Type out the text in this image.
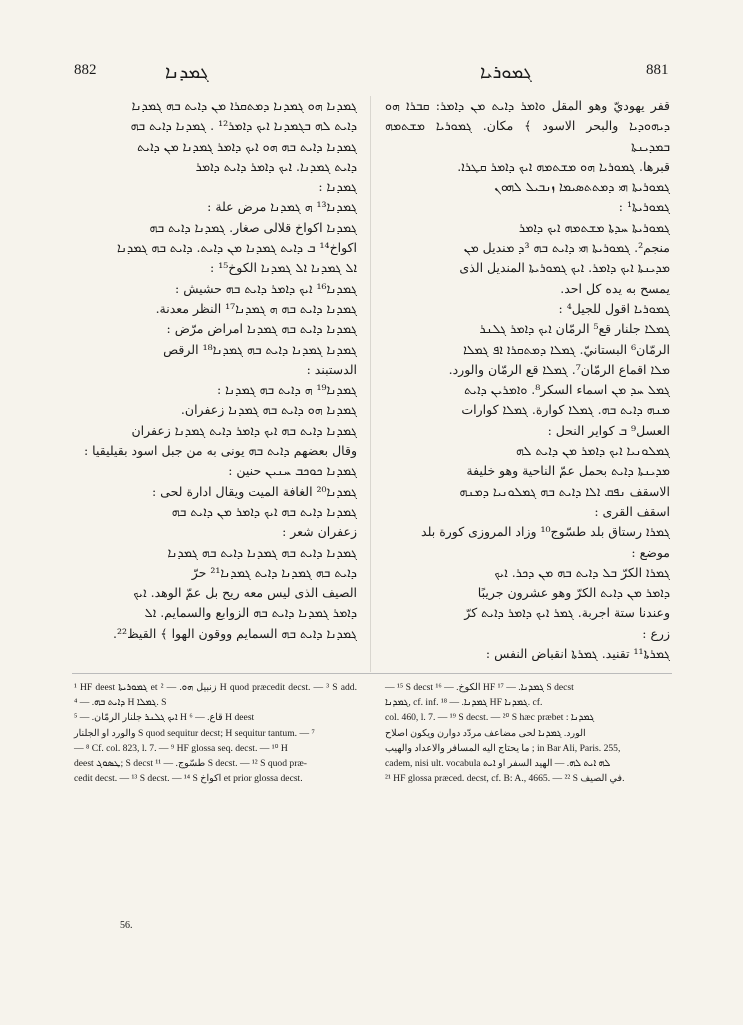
882	ܓܡܕܢܐ	ܓܡܘܪܝܐ	881

ܓܡܕܢܐ ܗܘ ܓܡܕܢܐ ܕܡܬܩܪܐ ܡܢ ܕܐܝܬ ܒܗ ܓܡܕܢܐ

ܕܐܝܬ ܠܗ ܒܓܡܕܢܐ ܐܝܟ ܕܐܡܪ¹² . ܓܡܕܢܐ ܕܐܝܬ ܒܗ

ܓܡܕܢܐ ܕܐܝܬ ܒܗ ܗܘ ܐܝܟ ܕܐܡܪ ܓܡܕܢܐ ܡܢ ܕܐܝܬ

ܕܐܝܬ ܓܡܕܢܐ. ܐܝܟ ܕܐܡܪ ܕܐܝܬ ܕܐܡܪ

ܓܡܕܢܐ :

ܓܡܕܢܐ¹³ ܗ ܓܡܕܢܐ مرض علة :

ܓܡܕܢܐ اكواخ قلالى صغار. ܓܡܕܢܐ ܕܐܝܬ ܒܗ

اكواخ¹⁴ ܒ ܕܐܝܬ ܓܡܕܢܐ ܡܢ ܕܐܝܬ. ܕܐܝܬ ܒܗ ܓܡܕܢܐ

ܐܠ ܓܡܕܢܐ ܐܠ ܓܡܕܢܐ الكوخ¹⁵ :

ܓܡܕܢܐ¹⁶ ܐܝܟ ܕܐܡܪ ܕܐܝܬ ܒܗ حشيش :

ܓܡܕܢܐ ܕܐܝܬ ܒܗ ܗ ܓܡܕܢܐ¹⁷ النظر معدنة.

ܓܡܕܢܐ ܕܐܝܬ ܒܗ ܓܡܕܢܐ امراض مرّض :

ܓܡܕܢܐ ܓܡܕܢܐ ܕܐܝܬ ܒܗ ܓܡܕܢܐ¹⁸ الرقص

الدستبند :

ܓܡܕܢܐ¹⁹ ܗ ܕܐܝܬ ܒܗ ܓܡܕܢܐ :

ܓܡܕܢܐ ܗܘ ܕܐܝܬ ܒܗ ܓܡܕܢܐ زعفران.

ܓܡܕܢܐ ܕܐܝܬ ܒܗ ܐܝܟ ܕܐܡܪ ܕܐܝܬ ܓܡܕܢܐ زعفران

وقال بعضهم ܕܐܝܬ ܒܗ يونى به من جبل اسود بقيليقيا :

ܓܡܕܢܐ ܟܘܟܒ ܚܢܝܢ حنين :

ܓܡܕܢܐ²⁰ الغافة الميت ويقال ادارة لحى :

ܓܡܕܢܐ ܕܐܝܬ ܒܗ ܐܝܟ ܕܐܡܪ ܡܢ ܕܐܝܬ ܒܗ

زعفران شعر :

ܓܡܕܢܐ ܕܐܝܬ ܒܗ ܓܡܕܢܐ ܕܐܝܬ ܒܗ ܓܡܕܢܐ

ܕܐܝܬ ܒܗ ܓܡܕܢܐ ܕܐܝܬ ܓܡܕܢܐ²¹ حرّ

الصيف الذى ليس معه ريح بل عمّ الوهد. ܐܝܟ

ܕܐܡܪ ܓܡܕܢܐ ܕܐܝܬ ܒܗ الزوابع والسمايم. ܐܠ

ܓܡܕܢܐ ܕܐܝܬ ܒܗ السمايم ووقون الهوا ﴾ القيظ²².

قفر يهوديّ وهو المقل ܘܐܡܪ ܕܐܝܬ ܡܢ ܕܐܡܪ: ܩܒܪܐ ܗܘ ܕܝܗܘܕܝܐ والبحر الاسود ﴾ مكان. ܓܡܘܪܝܐ ܡܫܬܡܗ ܒܡܕܝܢܬܐ

قبرها. ܓܡܘܪܝܐ ܗܘ ܡܫܬܡܗ ܐܝܟ ܕܐܡܪ ܩܛܪܐ.

ܓܡܘܪܝܬܐ ܗܝ ܕܡܬܬܣܝܡܐ ܙܢܒܝܠ ܠܗܘܢ

ܓܡܘܪܝܬܐ¹ :

ܓܡܘܪܝܬܐ ܚܕܬܐ ܡܫܬܡܗ ܐܝܟ ܕܐܡܪ

منجم². ܓܡܘܪܝܬܐ ܗܝ ܕܐܝܬ ܒܗ ³ܕ ܡنديل ܡܢ

ܡܕܝܢܬܐ ܐܝܟ ܕܐܡܪ. ܐܝܟ ܓܡܘܪܝܬܐ المنديل الذى

يمسح به يده كل احد.

ܓܡܘܪܝܐ اقول للجيل⁴ :

ܓܡܠܐ جلنار قع⁵ الرمّان ܐܝܟ ܕܐܡܪ ܓܠܢܪ

الرمّان⁶ البستانيّ. ܓܡܠܐ ܕܡܬܩܪܐ ܐܦ ܓܡܠܐ

ܡܠܐ اقماع الرمّان⁷. ܓܡܠܐ قع الرمّان والورد.

ܓܡܠ ܚܕ ܡܢ اسماء السكر⁸. ܘܐܡܪܝܢ ܕܐܝܬ

ܡܢܗ ܕܐܝܬ ܒܗ. ܓܡܠܐ كوارة. ܓܡܠܐ كوارات

العسل⁹ ܒ كواير النحل :

ܓܡܠܘܢܝܐ ܐܝܟ ܕܐܡܪ ܡܢ ܕܐܝܬ ܠܗ

ܡܕܝܢܬܐ ܕܐܝܬ بحمل عمّ الناحية وهو خليفة

الاسقف ܢܦܩ ܐܠܐ ܕܐܝܬ ܒܗ ܓܡܠܘܢܝܐ ܕܡܢܗ

اسقف القرى :

ܓܡܪܐ رستاق بلد طسّوج¹⁰ وزاد المروزى كورة بلد

موضع :

ܓܡܪܐ الكرّ ܒܠ ܕܐܝܬ ܒܗ ܡܢ ܕܟܪ. ܐܝܟ

ܕܐܡܪ ܡܢ ܕܐܝܬ الكرّ وهو عشرون جريبًا

وعندنا ستة اجربة. ܓܡܪ ܐܝܟ ܕܐܡܪ ܕܐܝܬ كرّ

زرع :

ܓܡܪܬܐ¹¹ تقنيد. ܓܡܪܬܐ انقباض النفس :

¹ HF deest ܓܡܘܪܝܬܐ et زنبيل ܗܘ. — ² H quod præcedit decst. — ³ S add. ܕܐܝܬ ܒܗ. — ⁴ H ܓܡܠܐ. S

ܐܝܟ ܓܠܢܪ جلنار الرمّان. — ⁵ H قاع. — ⁶ H deest

والورد او الجلنار S quod sequitur decst; H sequitur tantum. — ⁷

— ⁸ Cf. col. 823, l. 7. — ⁹ HF glossa seq. decst. — ¹⁰ H

deest ܛܣܘܓ; S decst طسّوج. — ¹¹ S decst. — ¹² S quod præ-

cedit decst. — ¹³ S decst. — ¹⁴ S اكواخ et prior glossa decst.

— ¹⁵ S decst الكوخ. — ¹⁶ HF ܓܡܕܢܐ. — ¹⁷ S decst

ܓܡܕܢܐ, cf. inf. ܓܡܕܢܐ. — ¹⁸ HF ܓܡܕܢܐ. cf.

col. 460, l. 7. — ¹⁹ S decst. — ²⁰ S hæc præbet : ܓܡܕܢܐ

الورد. ܓܡܕܢܐ لحى مضاعف مردّد دوارن ويكون اصلاح

ما يحتاج اليه المسافر والاعداد والهيب ; in Bar Ali, Paris. 255,

cadem, nisi ult. vocabula ܠܗ ܐܝܬ ܠܗ. — الهيد السفر او ܐܝܬ

²¹ HF glossa præced. decst, cf. B: A., 4665. — ²² S في الصيف.

56.
